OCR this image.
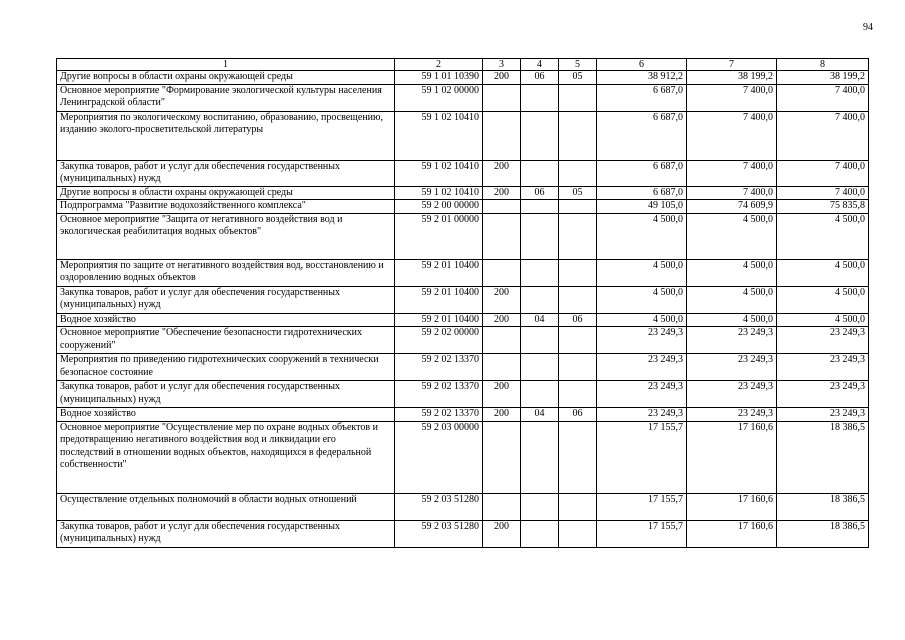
94
1	2	3	4	5	6	7	8
Другие вопросы в области охраны окружающей среды	59 1 01 10390	200	06	05	38 912,2	38 199,2	38 199,2
Основное мероприятие "Формирование экологической культуры населения Ленинградской области"	59 1 02 00000				6 687,0	7 400,0	7 400,0
Мероприятия по экологическому воспитанию, образованию, просвещению, изданию эколого-просветительской литературы	59 1 02 10410				6 687,0	7 400,0	7 400,0
Закупка товаров, работ и услуг для обеспечения государственных (муниципальных) нужд	59 1 02 10410	200			6 687,0	7 400,0	7 400,0
Другие вопросы в области охраны окружающей среды	59 1 02 10410	200	06	05	6 687,0	7 400,0	7 400,0
Подпрограмма "Развитие водохозяйственного комплекса"	59 2 00 00000				49 105,0	74 609,9	75 835,8
Основное мероприятие "Защита от негативного воздействия вод и экологическая реабилитация водных объектов"	59 2 01 00000				4 500,0	4 500,0	4 500,0
Мероприятия по защите от негативного воздействия вод, восстановлению и оздоровлению водных объектов	59 2 01 10400				4 500,0	4 500,0	4 500,0
Закупка товаров, работ и услуг для обеспечения государственных (муниципальных) нужд	59 2 01 10400	200			4 500,0	4 500,0	4 500,0
Водное хозяйство	59 2 01 10400	200	04	06	4 500,0	4 500,0	4 500,0
Основное мероприятие "Обеспечение безопасности гидротехнических сооружений"	59 2 02 00000				23 249,3	23 249,3	23 249,3
Мероприятия по приведению гидротехнических сооружений в технически безопасное состояние	59 2 02 13370				23 249,3	23 249,3	23 249,3
Закупка товаров, работ и услуг для обеспечения государственных (муниципальных) нужд	59 2 02 13370	200			23 249,3	23 249,3	23 249,3
Водное хозяйство	59 2 02 13370	200	04	06	23 249,3	23 249,3	23 249,3
Основное мероприятие "Осуществление мер по охране водных объектов и предотвращению негативного воздействия вод и ликвидации его последствий в отношении водных объектов, находящихся в федеральной собственности"	59 2 03 00000				17 155,7	17 160,6	18 386,5
Осуществление отдельных полномочий в области водных отношений	59 2 03 51280				17 155,7	17 160,6	18 386,5
Закупка товаров, работ и услуг для обеспечения государственных (муниципальных) нужд	59 2 03 51280	200			17 155,7	17 160,6	18 386,5
